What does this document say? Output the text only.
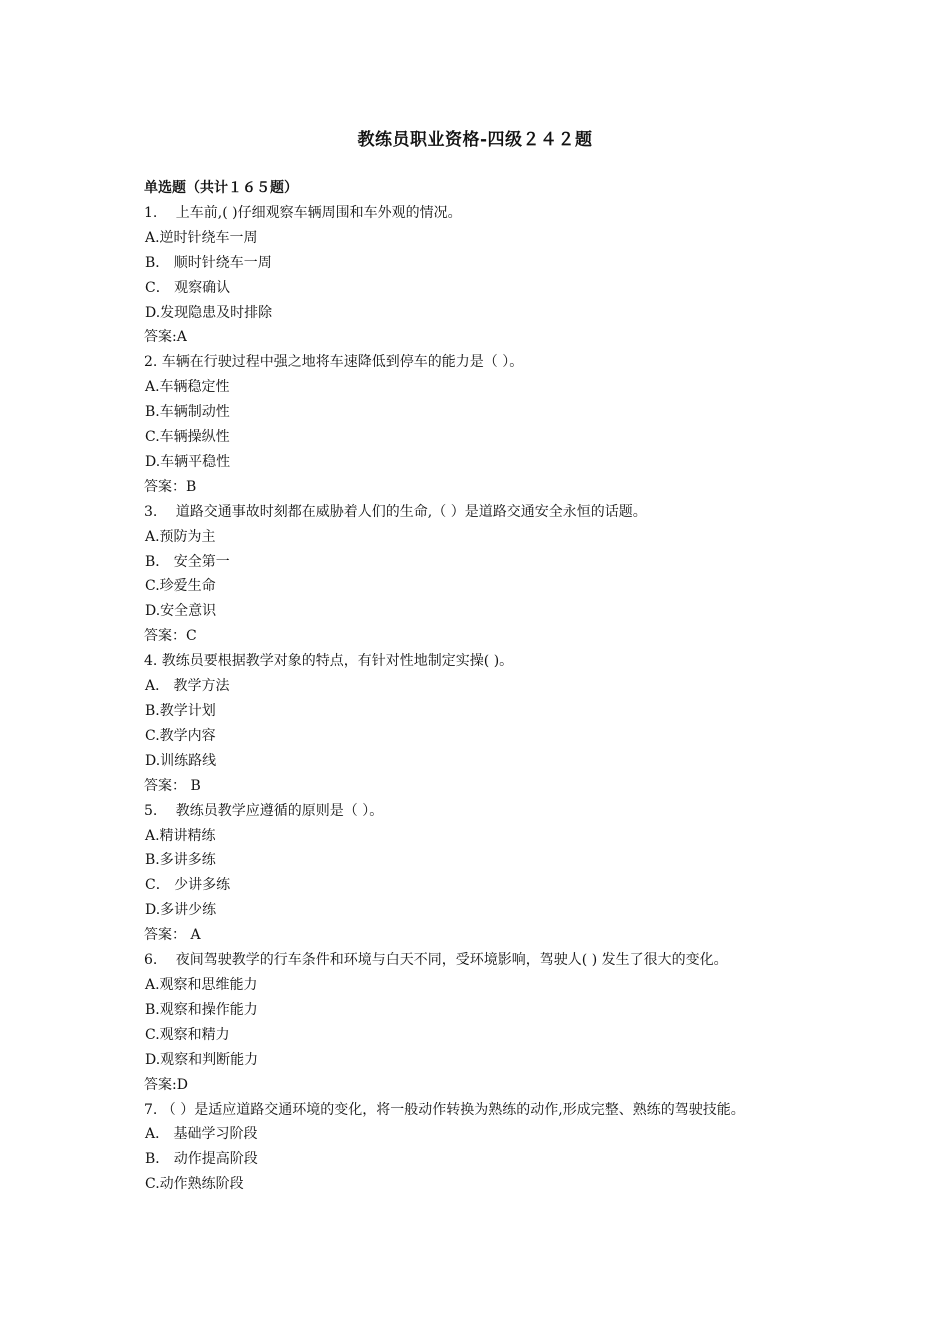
教练员职业资格-四级２４２题
单选题（共计１６５题）
1.　 上车前,( )仔细观察车辆周围和车外观的情况。
A.逆时针绕车一周
B． 顺时针绕车一周
C． 观察确认
D.发现隐患及时排除
答案:A
2. 车辆在行驶过程中强之地将车速降低到停车的能力是（ ）。
A.车辆稳定性
B.车辆制动性
C.车辆操纵性
D.车辆平稳性
答案：B
3.　 道路交通事故时刻都在威胁着人们的生命,（ ）是道路交通安全永恒的话题。
A.预防为主
B． 安全第一
C.珍爱生命
D.安全意识
答案：C
4. 教练员要根据教学对象的特点，有针对性地制定实操( )。
A． 教学方法
B.教学计划
C.教学内容
D.训练路线
答案： B
5.　 教练员教学应遵循的原则是（ ）。
A.精讲精练
B.多讲多练
C． 少讲多练
D.多讲少练
答案： A
6.　 夜间驾驶教学的行车条件和环境与白天不同，受环境影响，驾驶人( ) 发生了很大的变化。
A.观察和思维能力
B.观察和操作能力
C.观察和精力
D.观察和判断能力
答案:D
7. （ ）是适应道路交通环境的变化，将一般动作转换为熟练的动作,形成完整、熟练的驾驶技能。
A． 基础学习阶段
B． 动作提高阶段
C.动作熟练阶段
